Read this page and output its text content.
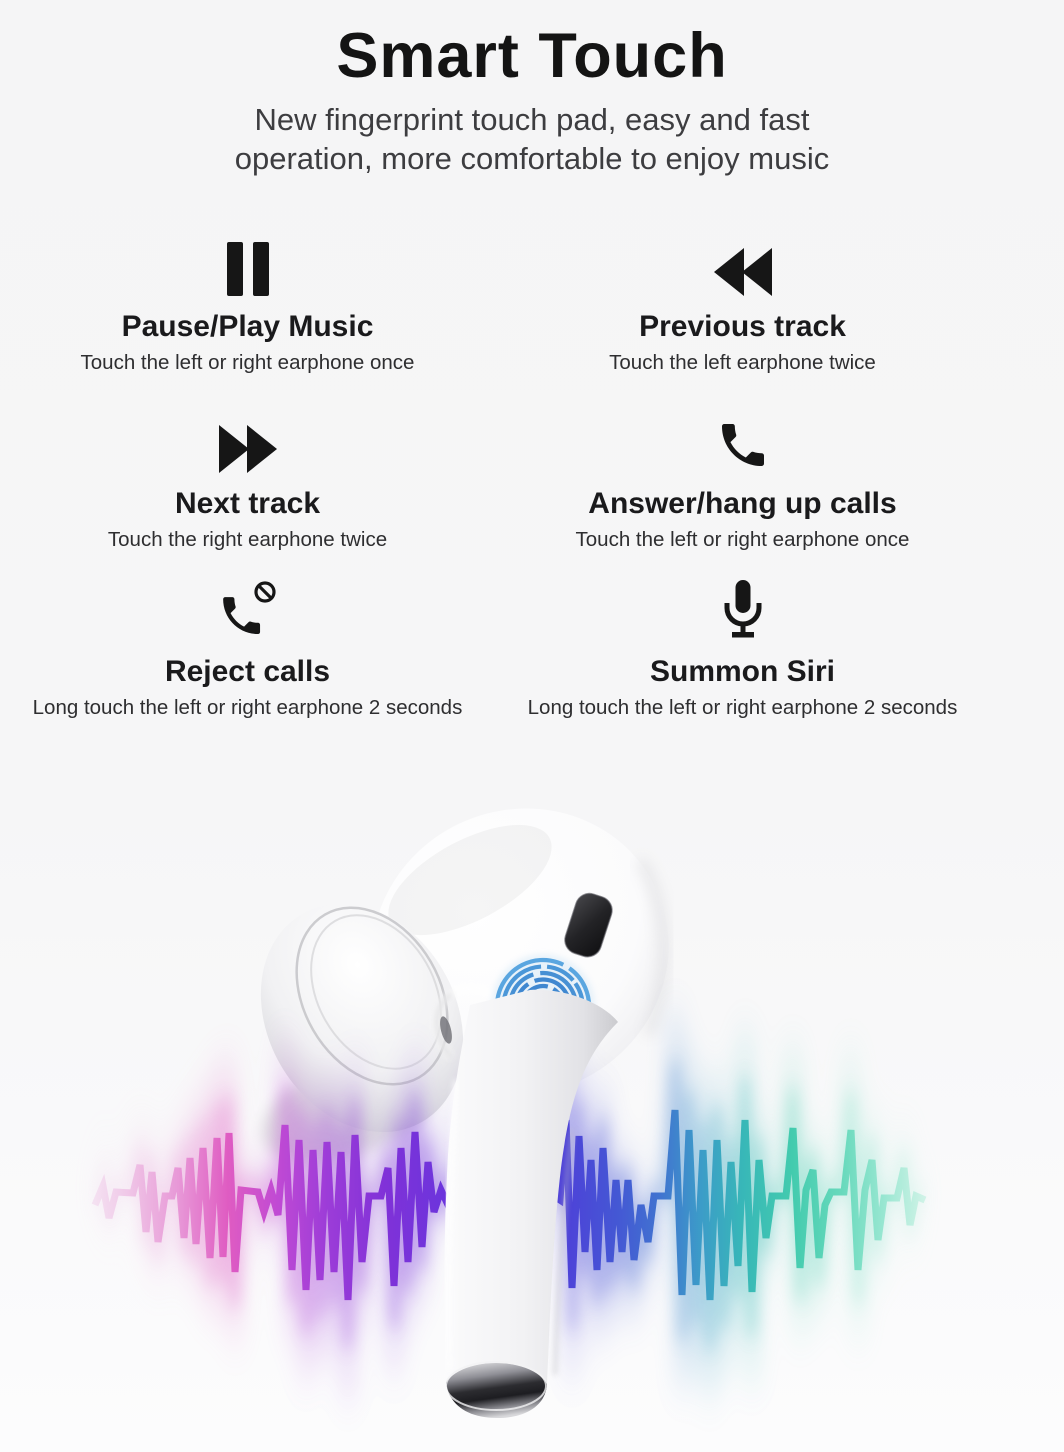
Smart Touch

New fingerprint touch pad, easy and fast
operation, more comfortable to enjoy music

Pause/Play Music

Touch the left or right earphone once

Previous track

Touch the left earphone twice

Next track

Touch the right earphone twice

Answer/hang up calls

Touch the left or right earphone once

Reject calls

Long touch the left or right earphone 2 seconds

Summon Siri

Long touch the left or right earphone 2 seconds
